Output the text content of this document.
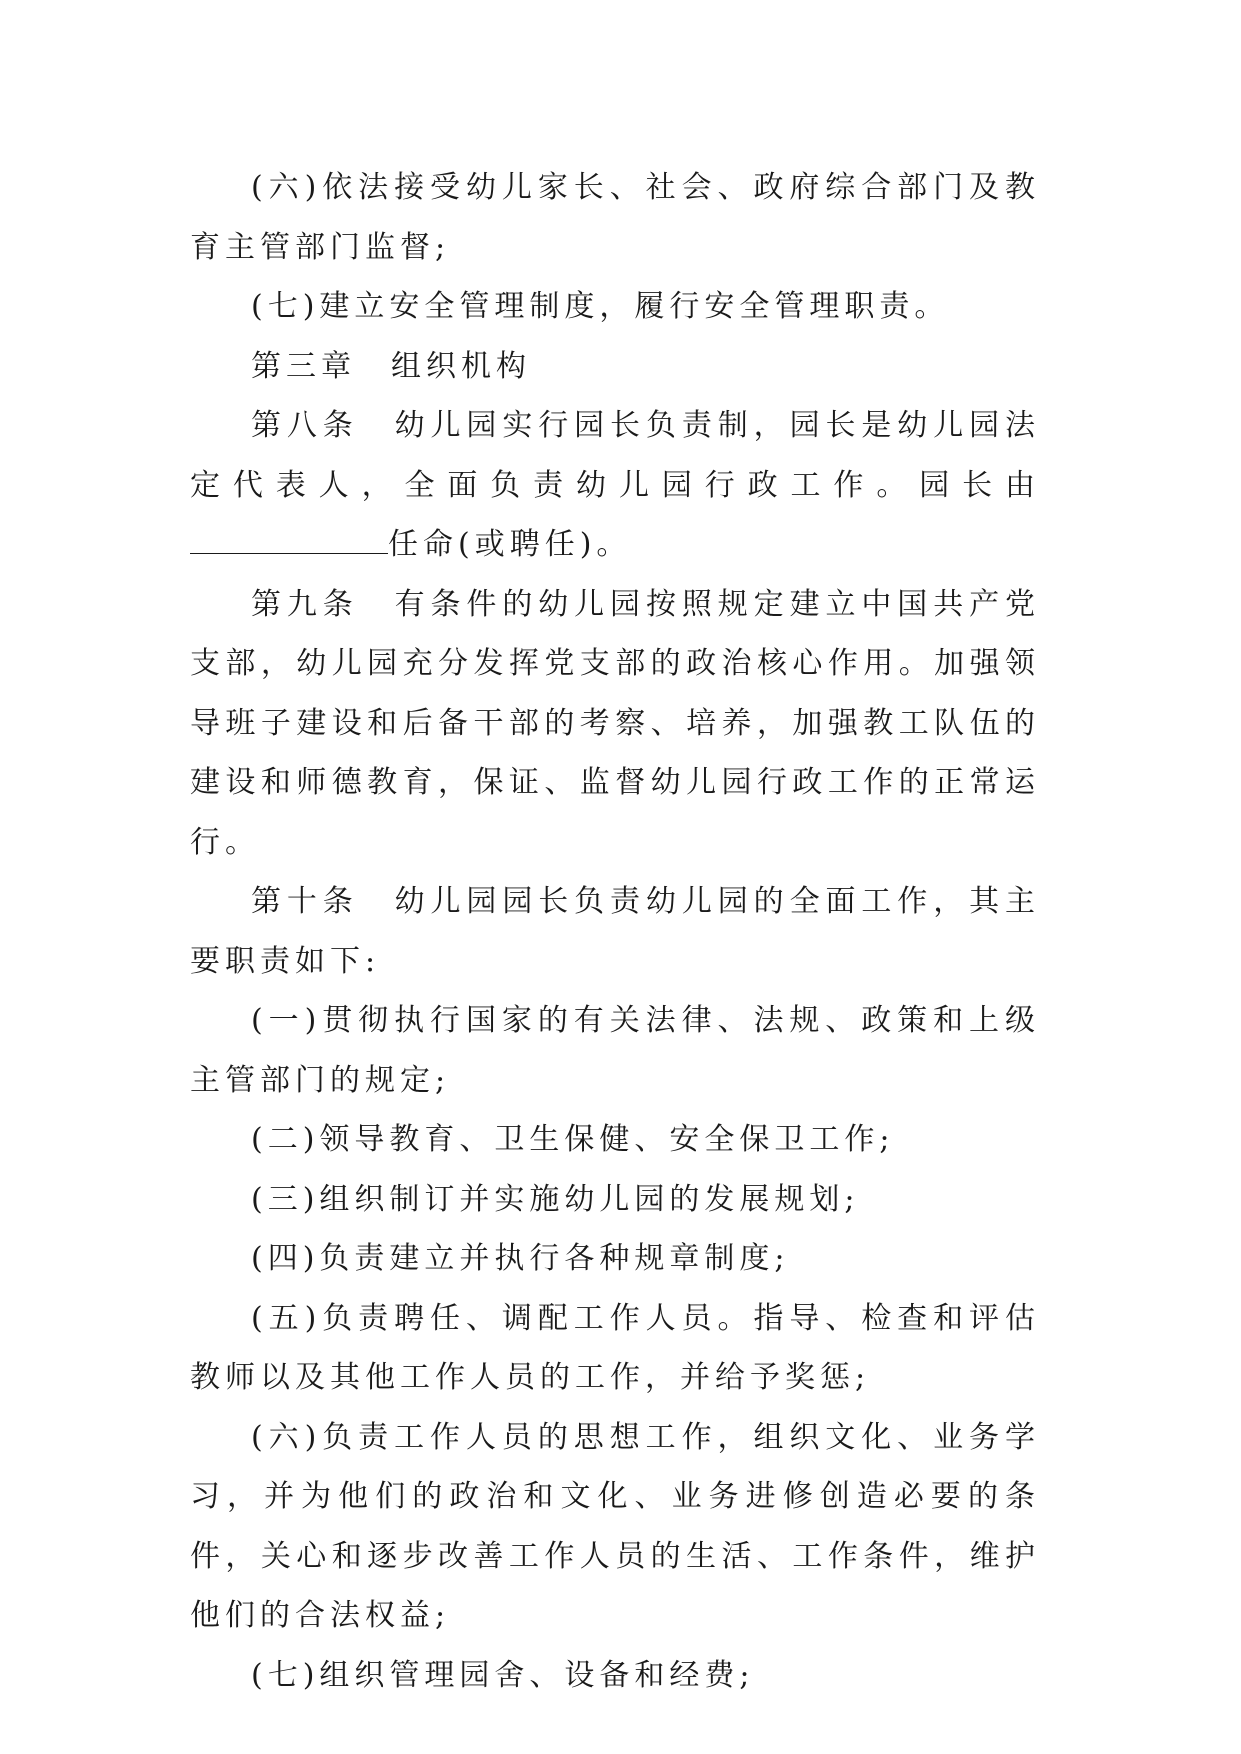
(六)依法接受幼儿家长、社会、政府综合部门及教育主管部门监督;

(七)建立安全管理制度，履行安全管理职责。

第三章　组织机构

第八条　幼儿园实行园长负责制，园长是幼儿园法定代表人，全面负责幼儿园行政工作。园长由任命(或聘任)。

第九条　有条件的幼儿园按照规定建立中国共产党支部，幼儿园充分发挥党支部的政治核心作用。加强领导班子建设和后备干部的考察、培养，加强教工队伍的建设和师德教育，保证、监督幼儿园行政工作的正常运行。

第十条　幼儿园园长负责幼儿园的全面工作，其主要职责如下:

(一)贯彻执行国家的有关法律、法规、政策和上级主管部门的规定;

(二)领导教育、卫生保健、安全保卫工作;

(三)组织制订并实施幼儿园的发展规划;

(四)负责建立并执行各种规章制度;

(五)负责聘任、调配工作人员。指导、检查和评估教师以及其他工作人员的工作，并给予奖惩;

(六)负责工作人员的思想工作，组织文化、业务学习，并为他们的政治和文化、业务进修创造必要的条件，关心和逐步改善工作人员的生活、工作条件，维护他们的合法权益;

(七)组织管理园舍、设备和经费;
